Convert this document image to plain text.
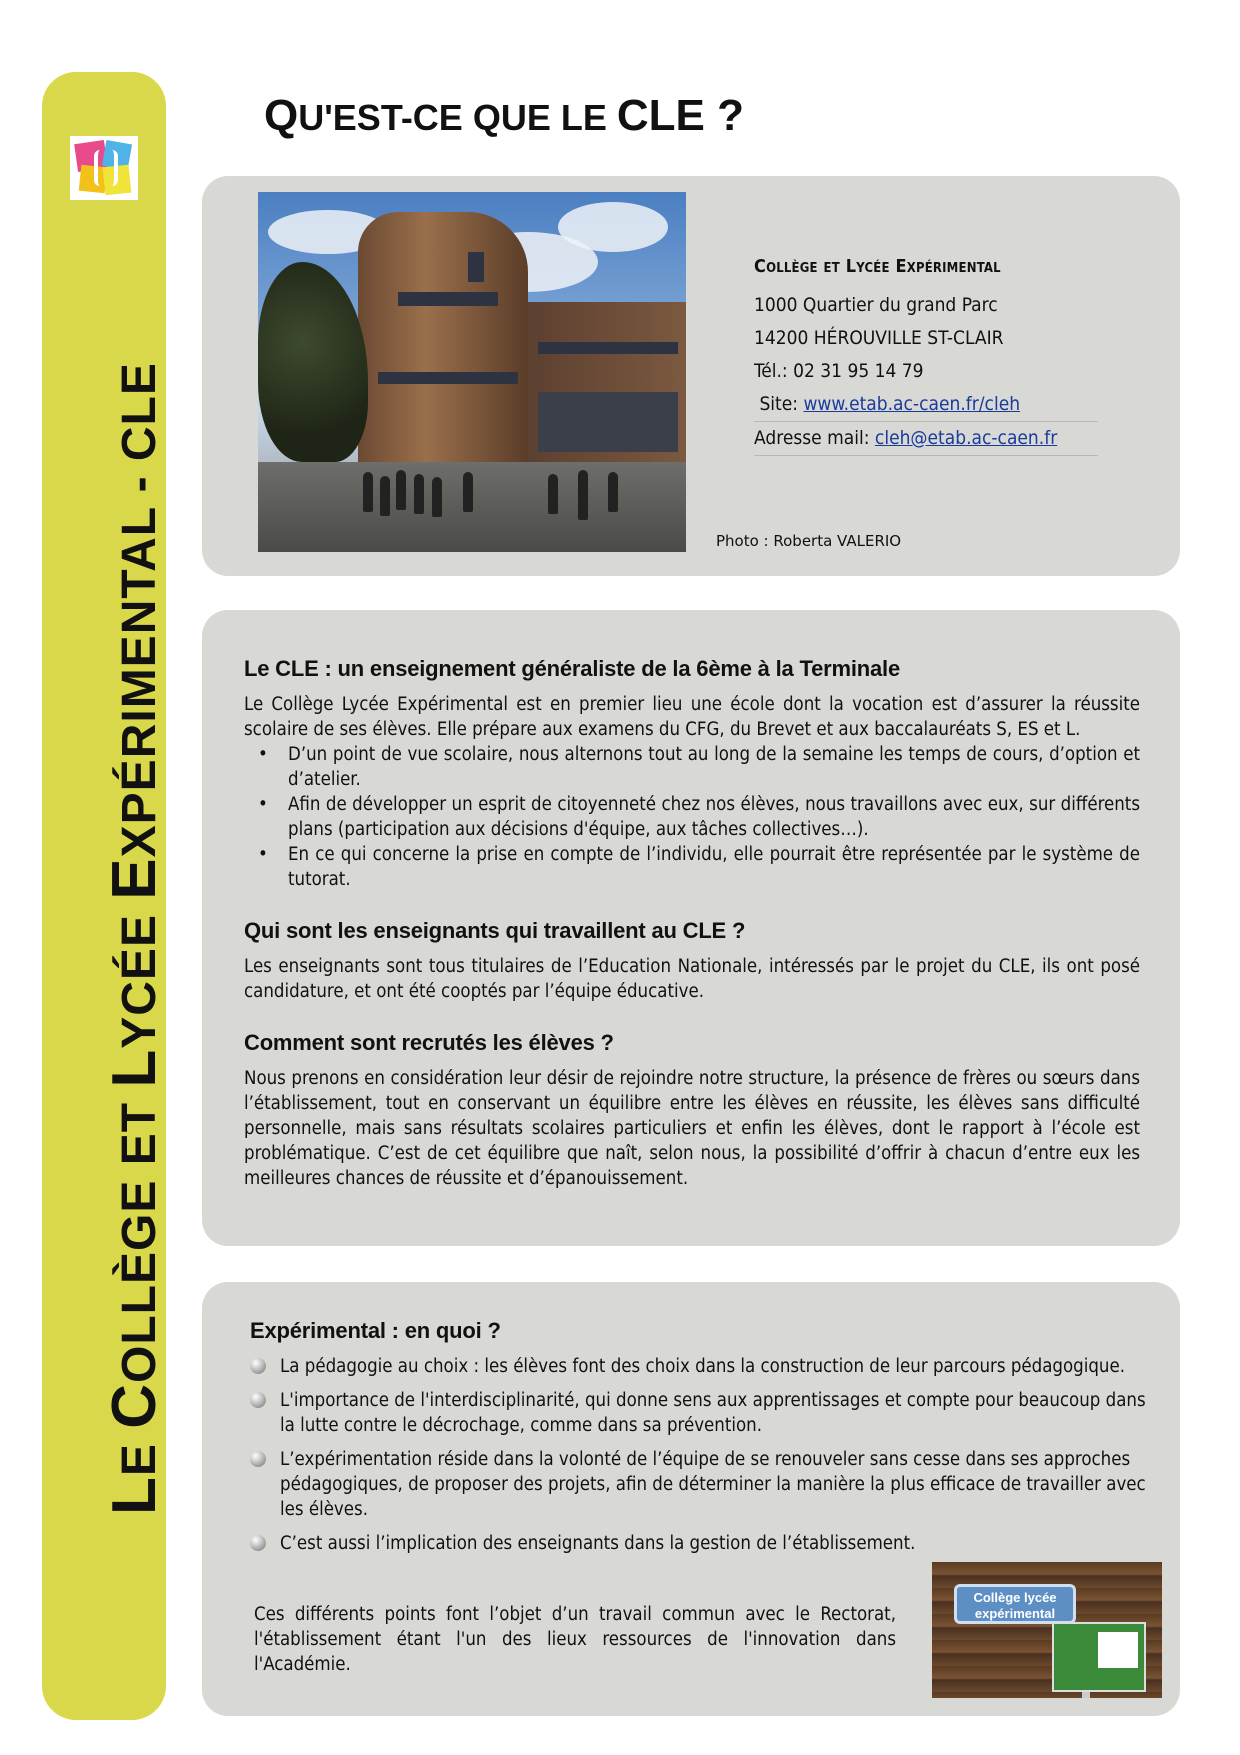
LE COLLÈGE ET LYCÉE EXPÉRIMENTAL - CLE
QU'EST-CE QUE LE CLE ?
Collège et Lycée Expérimental
1000 Quartier du grand Parc
14200 HÉROUVILLE ST-CLAIR
Tél.: 02 31 95 14 79
Site: www.etab.ac-caen.fr/cleh
Adresse mail: cleh@etab.ac-caen.fr
Photo : Roberta VALERIO

Le CLE : un enseignement généraliste de la 6ème à la Terminale

Le Collège Lycée Expérimental est en premier lieu une école dont la vocation est d’assurer la réussite scolaire de ses élèves. Elle prépare aux examens du CFG, du Brevet et aux baccalauréats S, ES et L.

• D’un point de vue scolaire, nous alternons tout au long de la semaine les temps de cours, d’option et d’atelier.
• Afin de développer un esprit de citoyenneté chez nos élèves, nous travaillons avec eux, sur différents plans (participation aux décisions d'équipe, aux tâches collectives…).
• En ce qui concerne la prise en compte de l’individu, elle pourrait être représentée par le système de tutorat.

Qui sont les enseignants qui travaillent au CLE ?

Les enseignants sont tous titulaires de l’Education Nationale, intéressés par le projet du CLE, ils ont posé candidature, et ont été cooptés par l’équipe éducative.

Comment sont recrutés les élèves ?

Nous prenons en considération leur désir de rejoindre notre structure, la présence de frères ou sœurs dans l’établissement, tout en conservant un équilibre entre les élèves en réussite, les élèves sans difficulté personnelle, mais sans résultats scolaires particuliers et enfin les élèves, dont le rapport à l’école est problématique. C’est de cet équilibre que naît, selon nous, la possibilité d’offrir à chacun d’entre eux les meilleures chances de réussite et d’épanouissement.

Expérimental : en quoi ?

La pédagogie au choix : les élèves font des choix dans la construction de leur parcours pédagogique.
L'importance de l'interdisciplinarité, qui donne sens aux apprentissages et compte pour beaucoup dans la lutte contre le décrochage, comme dans sa prévention.
L’expérimentation réside dans la volonté de l’équipe de se renouveler sans cesse dans ses approches pédagogiques, de proposer des projets, afin de déterminer la manière la plus efficace de travailler avec les élèves.
C’est aussi l’implication des enseignants dans la gestion de l’établissement.
Ces différents points font l’objet d’un travail commun avec le Rectorat, l'établissement étant l'un des lieux ressources de l'innovation dans l'Académie.
Collège lycée expérimental
